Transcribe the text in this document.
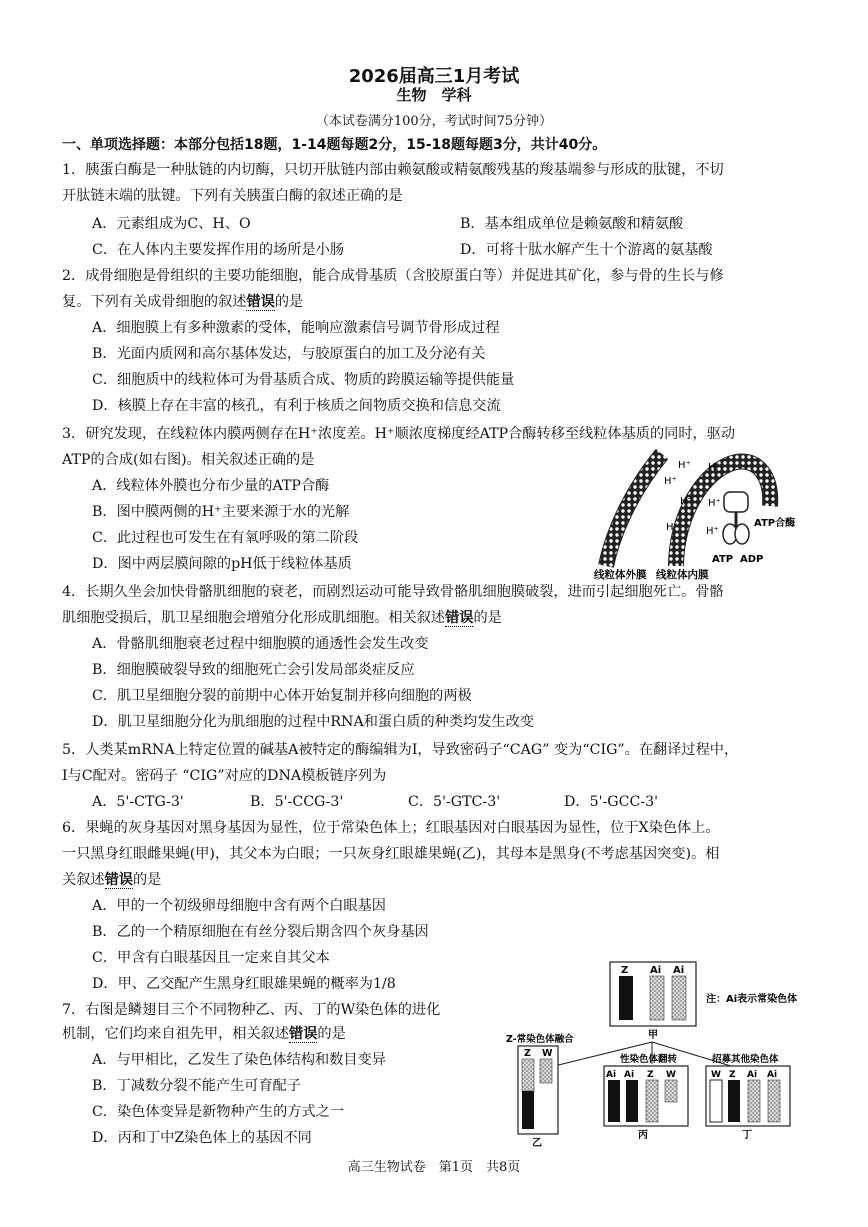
2026届高三1月考试
生物　学科
（本试卷满分100分，考试时间75分钟）
一、单项选择题：本部分包括18题，1-14题每题2分，15-18题每题3分，共计40分。
1．胰蛋白酶是一种肽链的内切酶，只切开肽链内部由赖氨酸或精氨酸残基的羧基端参与形成的肽键，不切
开肽链末端的肽键。下列有关胰蛋白酶的叙述正确的是
A．元素组成为C、H、O	B．基本组成单位是赖氨酸和精氨酸
C．在人体内主要发挥作用的场所是小肠	D．可将十肽水解产生十个游离的氨基酸
2．成骨细胞是骨组织的主要功能细胞，能合成骨基质（含胶原蛋白等）并促进其矿化，参与骨的生长与修
复。下列有关成骨细胞的叙述错误的是
A．细胞膜上有多种激素的受体，能响应激素信号调节骨形成过程
B．光面内质网和高尔基体发达，与胶原蛋白的加工及分泌有关
C．细胞质中的线粒体可为骨基质合成、物质的跨膜运输等提供能量
D．核膜上存在丰富的核孔，有利于核质之间物质交换和信息交流
3．研究发现，在线粒体内膜两侧存在H⁺浓度差。H⁺顺浓度梯度经ATP合酶转移至线粒体基质的同时，驱动
ATP的合成(如右图)。相关叙述正确的是
A．线粒体外膜也分布少量的ATP合酶
B．图中膜两侧的H⁺主要来源于水的光解
C．此过程也可发生在有氧呼吸的第二阶段
D．图中两层膜间隙的pH低于线粒体基质
H⁺ H⁺
H⁺
H⁺
H⁺
H⁺
H⁺
ATP合酶
ATP ADP
线粒体外膜 线粒体内膜
4．长期久坐会加快骨骼肌细胞的衰老，而剧烈运动可能导致骨骼肌细胞膜破裂，进而引起细胞死亡。骨骼
肌细胞受损后，肌卫星细胞会增殖分化形成肌细胞。相关叙述错误的是
A．骨骼肌细胞衰老过程中细胞膜的通透性会发生改变
B．细胞膜破裂导致的细胞死亡会引发局部炎症反应
C．肌卫星细胞分裂的前期中心体开始复制并移向细胞的两极
D．肌卫星细胞分化为肌细胞的过程中RNA和蛋白质的种类均发生改变
5．人类某mRNA上特定位置的碱基A被特定的酶编辑为I，导致密码子“CAG” 变为“CIG”。在翻译过程中，
I与C配对。密码子 “CIG”对应的DNA模板链序列为
A．5'-CTG-3'	B．5'-CCG-3'	C．5'-GTC-3'	D．5'-GCC-3'
6．果蝇的灰身基因对黑身基因为显性，位于常染色体上；红眼基因对白眼基因为显性，位于X染色体上。
一只黑身红眼雌果蝇(甲)，其父本为白眼；一只灰身红眼雄果蝇(乙)，其母本是黑身(不考虑基因突变)。相
关叙述错误的是
A．甲的一个初级卵母细胞中含有两个白眼基因
B．乙的一个精原细胞在有丝分裂后期含四个灰身基因
C．甲含有白眼基因且一定来自其父本
D．甲、乙交配产生黑身红眼雄果蝇的概率为1/8
7．右图是鳞翅目三个不同物种乙、丙、丁的W染色体的进化
机制，它们均来自祖先甲，相关叙述错误的是
A．与甲相比，乙发生了染色体结构和数目变异
B．丁减数分裂不能产生可育配子
C．染色体变异是新物种产生的方式之一
D．丙和丁中Z染色体上的基因不同
Z Ai Ai
注：Ai表示常染色体
甲
Z-常染色体融合
性染色体翻转	招募其他染色体
Z W
乙
Ai Ai Z W
丙
W Z Ai Ai
丁
高三生物试卷　第1页　共8页
